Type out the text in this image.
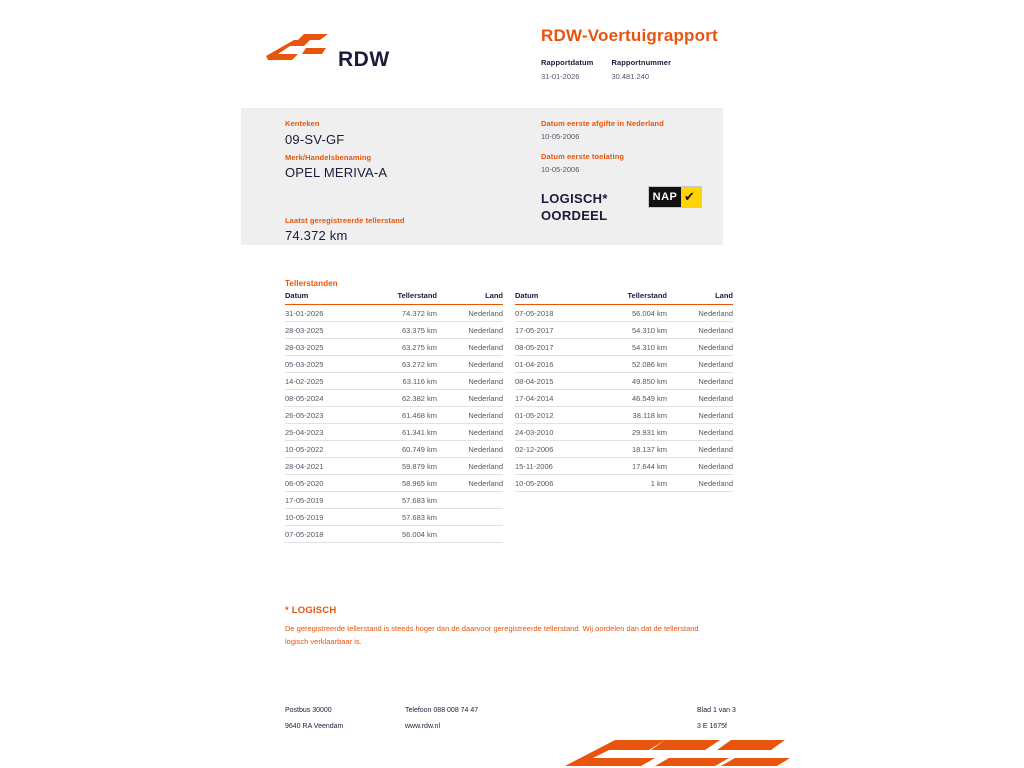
RDW
RDW-Voertuigrapport
Rapportdatum
31-01-2026

Rapportnummer
30.481.240
Kenteken
09-SV-GF
Merk/Handelsbenaming
OPEL MERIVA-A
Laatst geregistreerde tellerstand
74.372 km
Datum eerste afgifte in Nederland
10-05-2006
Datum eerste toelating
10-05-2006
LOGISCH*
OORDEEL
NAP ✔
Tellerstanden
Datum	Tellerstand	Land
31-01-2026	74.372 km	Nederland
28-03-2025	63.375 km	Nederland
28-03-2025	63.275 km	Nederland
05-03-2025	63.272 km	Nederland
14-02-2025	63.116 km	Nederland
08-05-2024	62.382 km	Nederland
26-05-2023	61.468 km	Nederland
25-04-2023	61.341 km	Nederland
10-05-2022	60.749 km	Nederland
28-04-2021	59.879 km	Nederland
06-05-2020	58.965 km	Nederland
17-05-2019	57.683 km	
10-05-2019	57.683 km	
07-05-2018	56.004 km	
Datum	Tellerstand	Land
07-05-2018	56.004 km	Nederland
17-05-2017	54.310 km	Nederland
08-05-2017	54.310 km	Nederland
01-04-2016	52.086 km	Nederland
08-04-2015	49.850 km	Nederland
17-04-2014	46.549 km	Nederland
01-05-2012	38.118 km	Nederland
24-03-2010	29.931 km	Nederland
02-12-2006	18.137 km	Nederland
15-11-2006	17.644 km	Nederland
10-05-2006	1 km	Nederland
* LOGISCH
De geregistreerde tellerstand is steeds hoger dan de daarvoor geregistreerde tellerstand. Wij oordelen dan dat de tellerstand logisch verklaarbaar is.
Postbus 30000
9640 RA Veendam
Telefoon 088 008 74 47
www.rdw.nl
Blad 1 van 3
3 E 1675f
